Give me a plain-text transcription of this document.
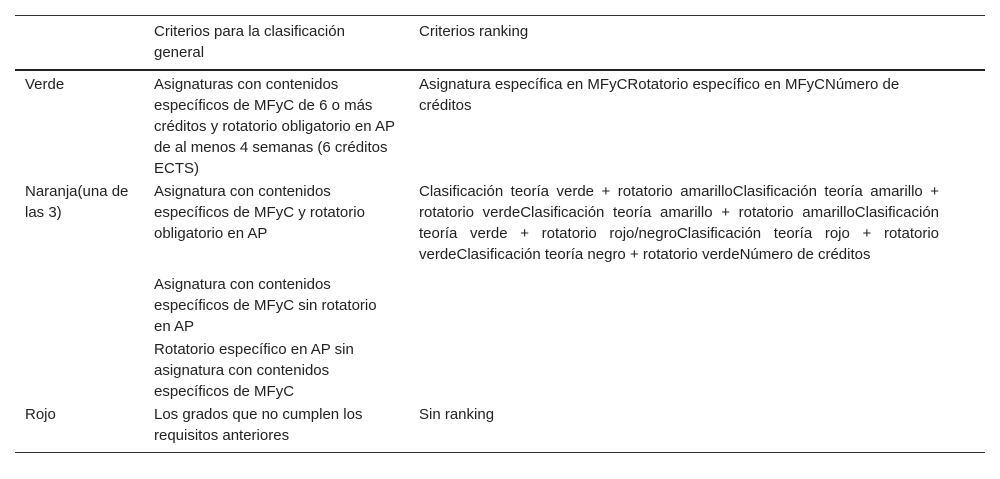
	Criterios para la clasificación general	Criterios ranking
Verde	Asignaturas con contenidos específicos de MFyC de 6 o más créditos y rotatorio obligatorio en AP de al menos 4 semanas (6 créditos ECTS)	Asignatura específica en MFyCRotatorio específico en MFyCNúmero de créditos
Naranja(una de las 3)	Asignatura con contenidos específicos de MFyC y rotatorio obligatorio en AP	Clasificación teoría verde + rotatorio amarilloClasificación teoría amarillo + rotatorio verdeClasificación teoría amarillo + rotatorio amarilloClasificación teoría verde + rotatorio rojo/negroClasificación teoría rojo + rotatorio verdeClasificación teoría negro + rotatorio verdeNúmero de créditos
	Asignatura con contenidos específicos de MFyC sin rotatorio en AP	
	Rotatorio específico en AP sin asignatura con contenidos específicos de MFyC	
Rojo	Los grados que no cumplen los requisitos anteriores	Sin ranking
